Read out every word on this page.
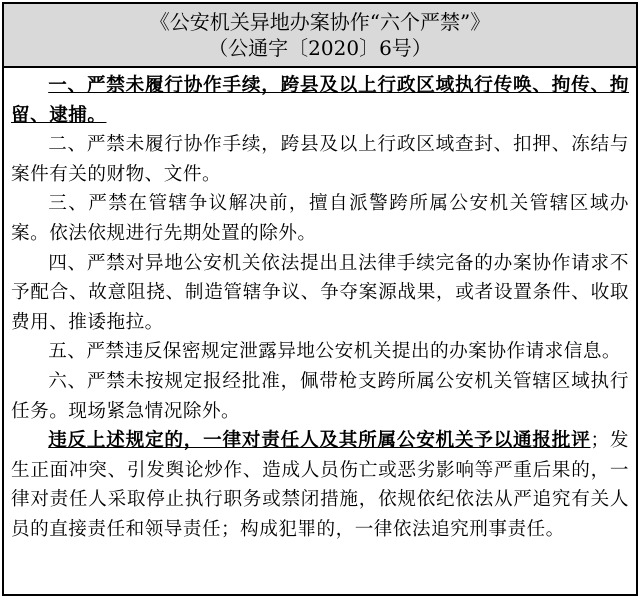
《公安机关异地办案协作“六个严禁”》
（公通字〔2020〕6号）

一、严禁未履行协作手续，跨县及以上行政区域执行传唤、拘传、拘留、逮捕。

二、严禁未履行协作手续，跨县及以上行政区域查封、扣押、冻结与案件有关的财物、文件。

三、严禁在管辖争议解决前，擅自派警跨所属公安机关管辖区域办案。依法依规进行先期处置的除外。

四、严禁对异地公安机关依法提出且法律手续完备的办案协作请求不予配合、故意阻挠、制造管辖争议、争夺案源战果，或者设置条件、收取费用、推诿拖拉。

五、严禁违反保密规定泄露异地公安机关提出的办案协作请求信息。

六、严禁未按规定报经批准，佩带枪支跨所属公安机关管辖区域执行任务。现场紧急情况除外。

违反上述规定的，一律对责任人及其所属公安机关予以通报批评；发生正面冲突、引发舆论炒作、造成人员伤亡或恶劣影响等严重后果的，一律对责任人采取停止执行职务或禁闭措施，依规依纪依法从严追究有关人员的直接责任和领导责任；构成犯罪的，一律依法追究刑事责任。
